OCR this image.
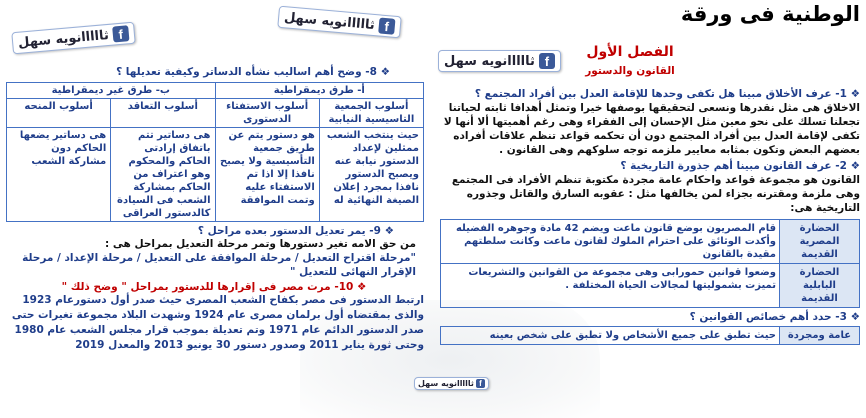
الوطنية فى ورقة
f
ثااااانويه سهل
f
ثااااانويه سهل
f
ثااااانويه سهل
f
ثااااانويه سهل
الفصل الأول
القانون والدستور
❖ 1- عرف الأخلاق مبينا هل تكفى وحدها للإقامة العدل بين أفراد المجتمع ؟
الاخلاق هى مثل نقدرها ونسعى لتحقيقها بوصفها خيرا وتمثل أهدافا ثابته لحياتنا تجعلنا تسلك على نحو معين مثل الإحسان إلى الفقراء وهى رغم أهميتها ألا أنها لا تكفى لإقامة العدل بين أفراد المجتمع دون أن تحكمه قواعد تنظم علاقات أفراده بعضهم البعض وتكون بمثابه معايير ملزمه توجه سلوكهم وهى القانون .
❖ 2- عرف القانون مبينا أهم جذورة التاريخية ؟
القانون هو مجموعة قواعد واحكام عامة مجردة مكتوبة تنظم الأفراد فى المجتمع وهى ملزمة ومقترنه بجزاء لمن يخالفها مثل : عقوبه السارق والقاتل وجذوره التاريخية هى:
الحضارة المصرية القديمة	قام المصريون بوضع قانون ماعت ويضم 42 مادة وجوهره الفضيله وأكدت الوثائق على احترام الملوك لقانون ماعت وكانت سلطتهم مقيدة بالقانون
الحضارة البابلية القديمة	وضعوا قوانين حمورابى وهى مجموعة من القوانين والتشريعات تميزت بشموليتها لمجالات الحياة المختلفة .
❖ 3- حدد أهم خصائص القوانين ؟
عامة ومجردة	حيث تطبق على جميع الأشخاص ولا تطبق على شخص بعينه
❖ 8- وضح أهم اساليب نشأه الدساتر وكيفية تعديلها ؟
أ- طرق ديمقراطية		ب- طرق غير ديمقراطية	
أسلوب الجمعية التاسيسية النيابية	أسلوب الاستفتاء الدستورى	أسلوب التعاقد	أسلوب المنحه
حيث ينتخب الشعب ممثلين لإعداد الدستور نيابة عنه ويصبح الدستور نافذا بمجرد إعلان الصيغة النهائية له	هو دستور يتم عن طريق جمعية التأسيسية ولا يصبح نافذا إلا اذا تم الاستفتاء عليه وتمت الموافقة	هى دساتير تتم باتفاق إرادتى الحاكم والمحكوم وهو اعتراف من الحاكم بمشاركة الشعب فى السيادة كالدستور العراقى	هى دساتير يضعها الحاكم دون مشاركة الشعب
❖ 9- يمر تعديل الدستور بعده مراحل ؟
من حق الامه تغير دستورها وتمر مرحلة التعديل بمراحل هى :
"مرحلة اقتراح التعديل / مرحلة الموافقة على التعديل / مرحلة الإعداد / مرحلة الإقرار النهائى للتعديل "
❖ 10- مرت مصر فى إقرارها للدستور بمراحل " وضح ذلك "
ارتبط الدستور فى مصر بكفاح الشعب المصرى حيث صدر أول دستورعام 1923 والذى بمقتضاه أول برلمان مصرى عام 1924 وشهدت البلاد مجموعة تغيرات حتى صدر الدستور الدائم عام 1971 وتم تعديلة بموجب قرار مجلس الشعب عام 1980 وحتى ثورة يناير 2011 وصدور دستور 30 يونيو 2013 والمعدل 2019
